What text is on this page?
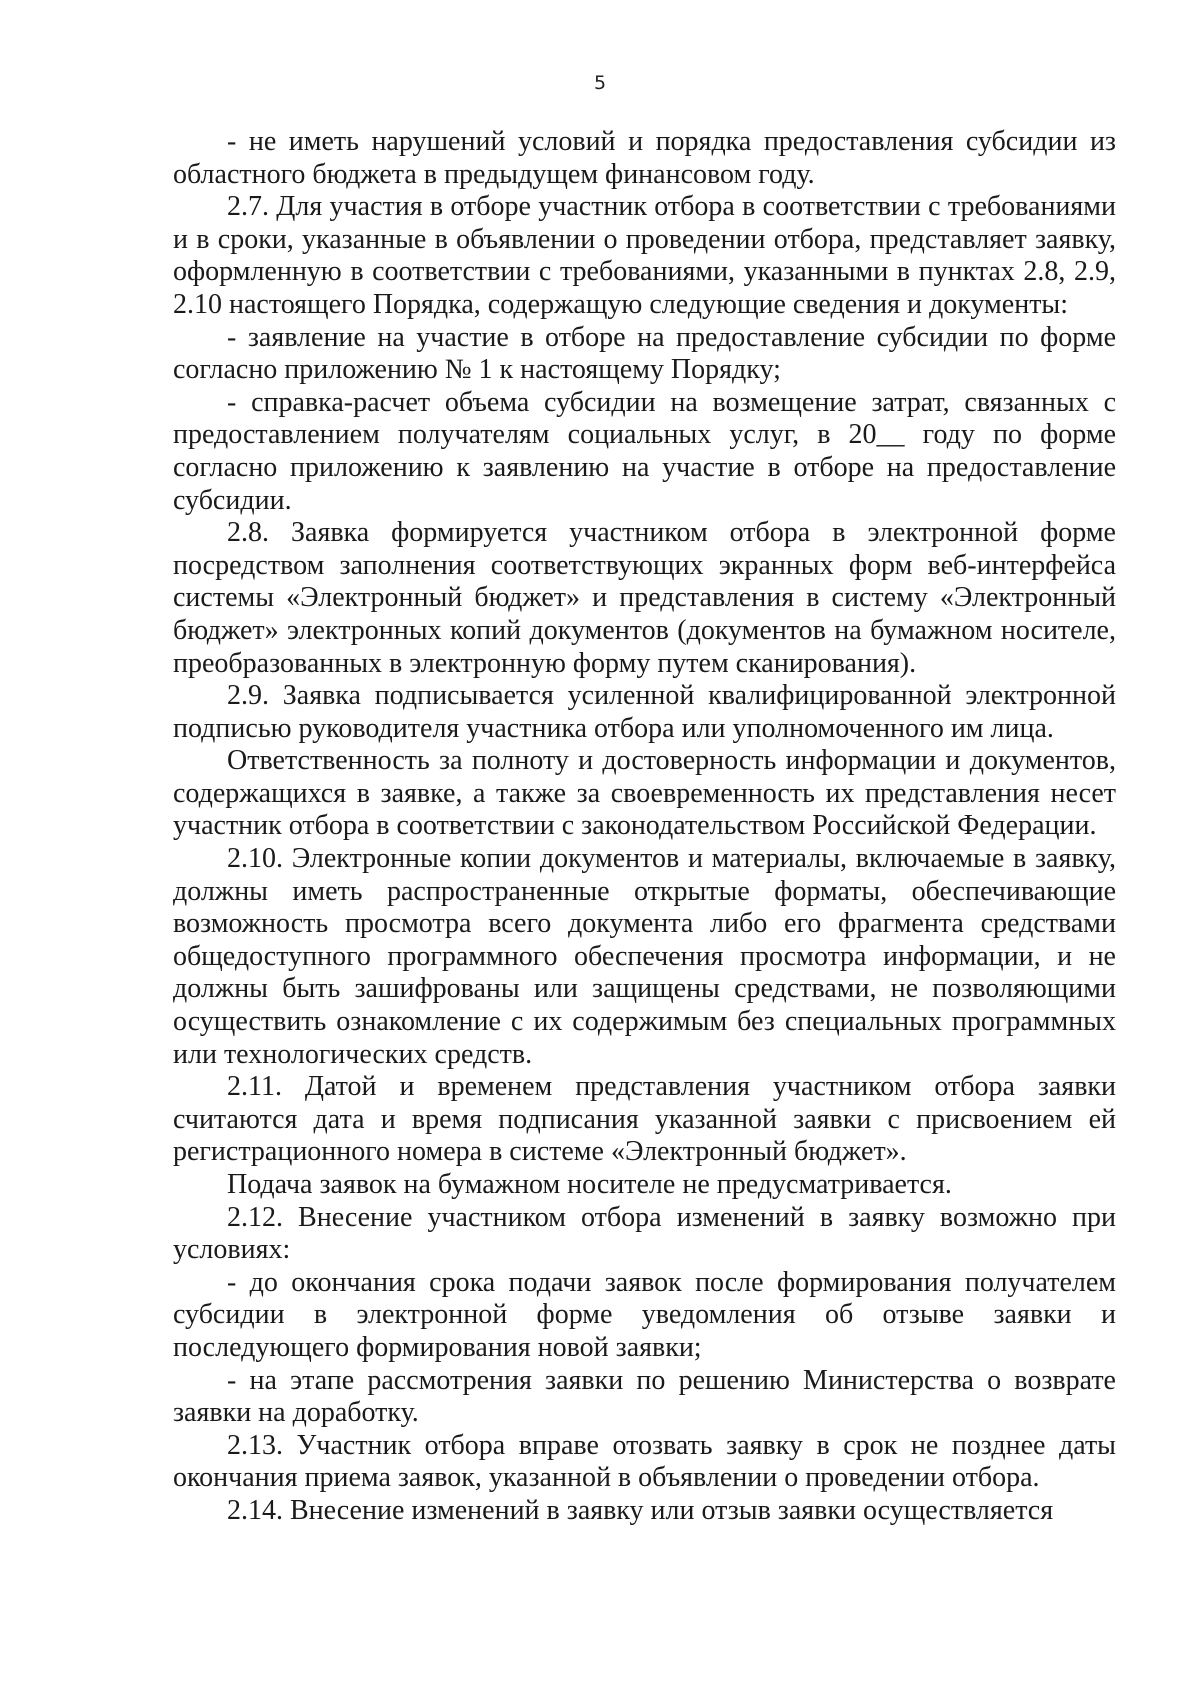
5

- не иметь нарушений условий и порядка предоставления субсидии из областного бюджета в предыдущем финансовом году.

2.7. Для участия в отборе участник отбора в соответствии с требованиями и в сроки, указанные в объявлении о проведении отбора, представляет заявку, оформленную в соответствии с требованиями, указанными в пунктах 2.8, 2.9, 2.10 настоящего Порядка, содержащую следующие сведения и документы:

- заявление на участие в отборе на предоставление субсидии по форме согласно приложению № 1 к настоящему Порядку;

- справка-расчет объема субсидии на возмещение затрат, связанных с предоставлением получателям социальных услуг, в 20__ году по форме согласно приложению к заявлению на участие в отборе на предоставление субсидии.

2.8. Заявка формируется участником отбора в электронной форме посредством заполнения соответствующих экранных форм веб-интерфейса системы «Электронный бюджет» и представления в систему «Электронный бюджет» электронных копий документов (документов на бумажном носителе, преобразованных в электронную форму путем сканирования).

2.9. Заявка подписывается усиленной квалифицированной электронной подписью руководителя участника отбора или уполномоченного им лица.

Ответственность за полноту и достоверность информации и документов, содержащихся в заявке, а также за своевременность их представления несет участник отбора в соответствии с законодательством Российской Федерации.

2.10. Электронные копии документов и материалы, включаемые в заявку, должны иметь распространенные открытые форматы, обеспечивающие возможность просмотра всего документа либо его фрагмента средствами общедоступного программного обеспечения просмотра информации, и не должны быть зашифрованы или защищены средствами, не позволяющими осуществить ознакомление с их содержимым без специальных программных или технологических средств.

2.11. Датой и временем представления участником отбора заявки считаются дата и время подписания указанной заявки с присвоением ей регистрационного номера в системе «Электронный бюджет».

Подача заявок на бумажном носителе не предусматривается.

2.12. Внесение участником отбора изменений в заявку возможно при условиях:

- до окончания срока подачи заявок после формирования получателем субсидии в электронной форме уведомления об отзыве заявки и последующего формирования новой заявки;

- на этапе рассмотрения заявки по решению Министерства о возврате заявки на доработку.

2.13. Участник отбора вправе отозвать заявку в срок не позднее даты окончания приема заявок, указанной в объявлении о проведении отбора.

2.14. Внесение изменений в заявку или отзыв заявки осуществляется
